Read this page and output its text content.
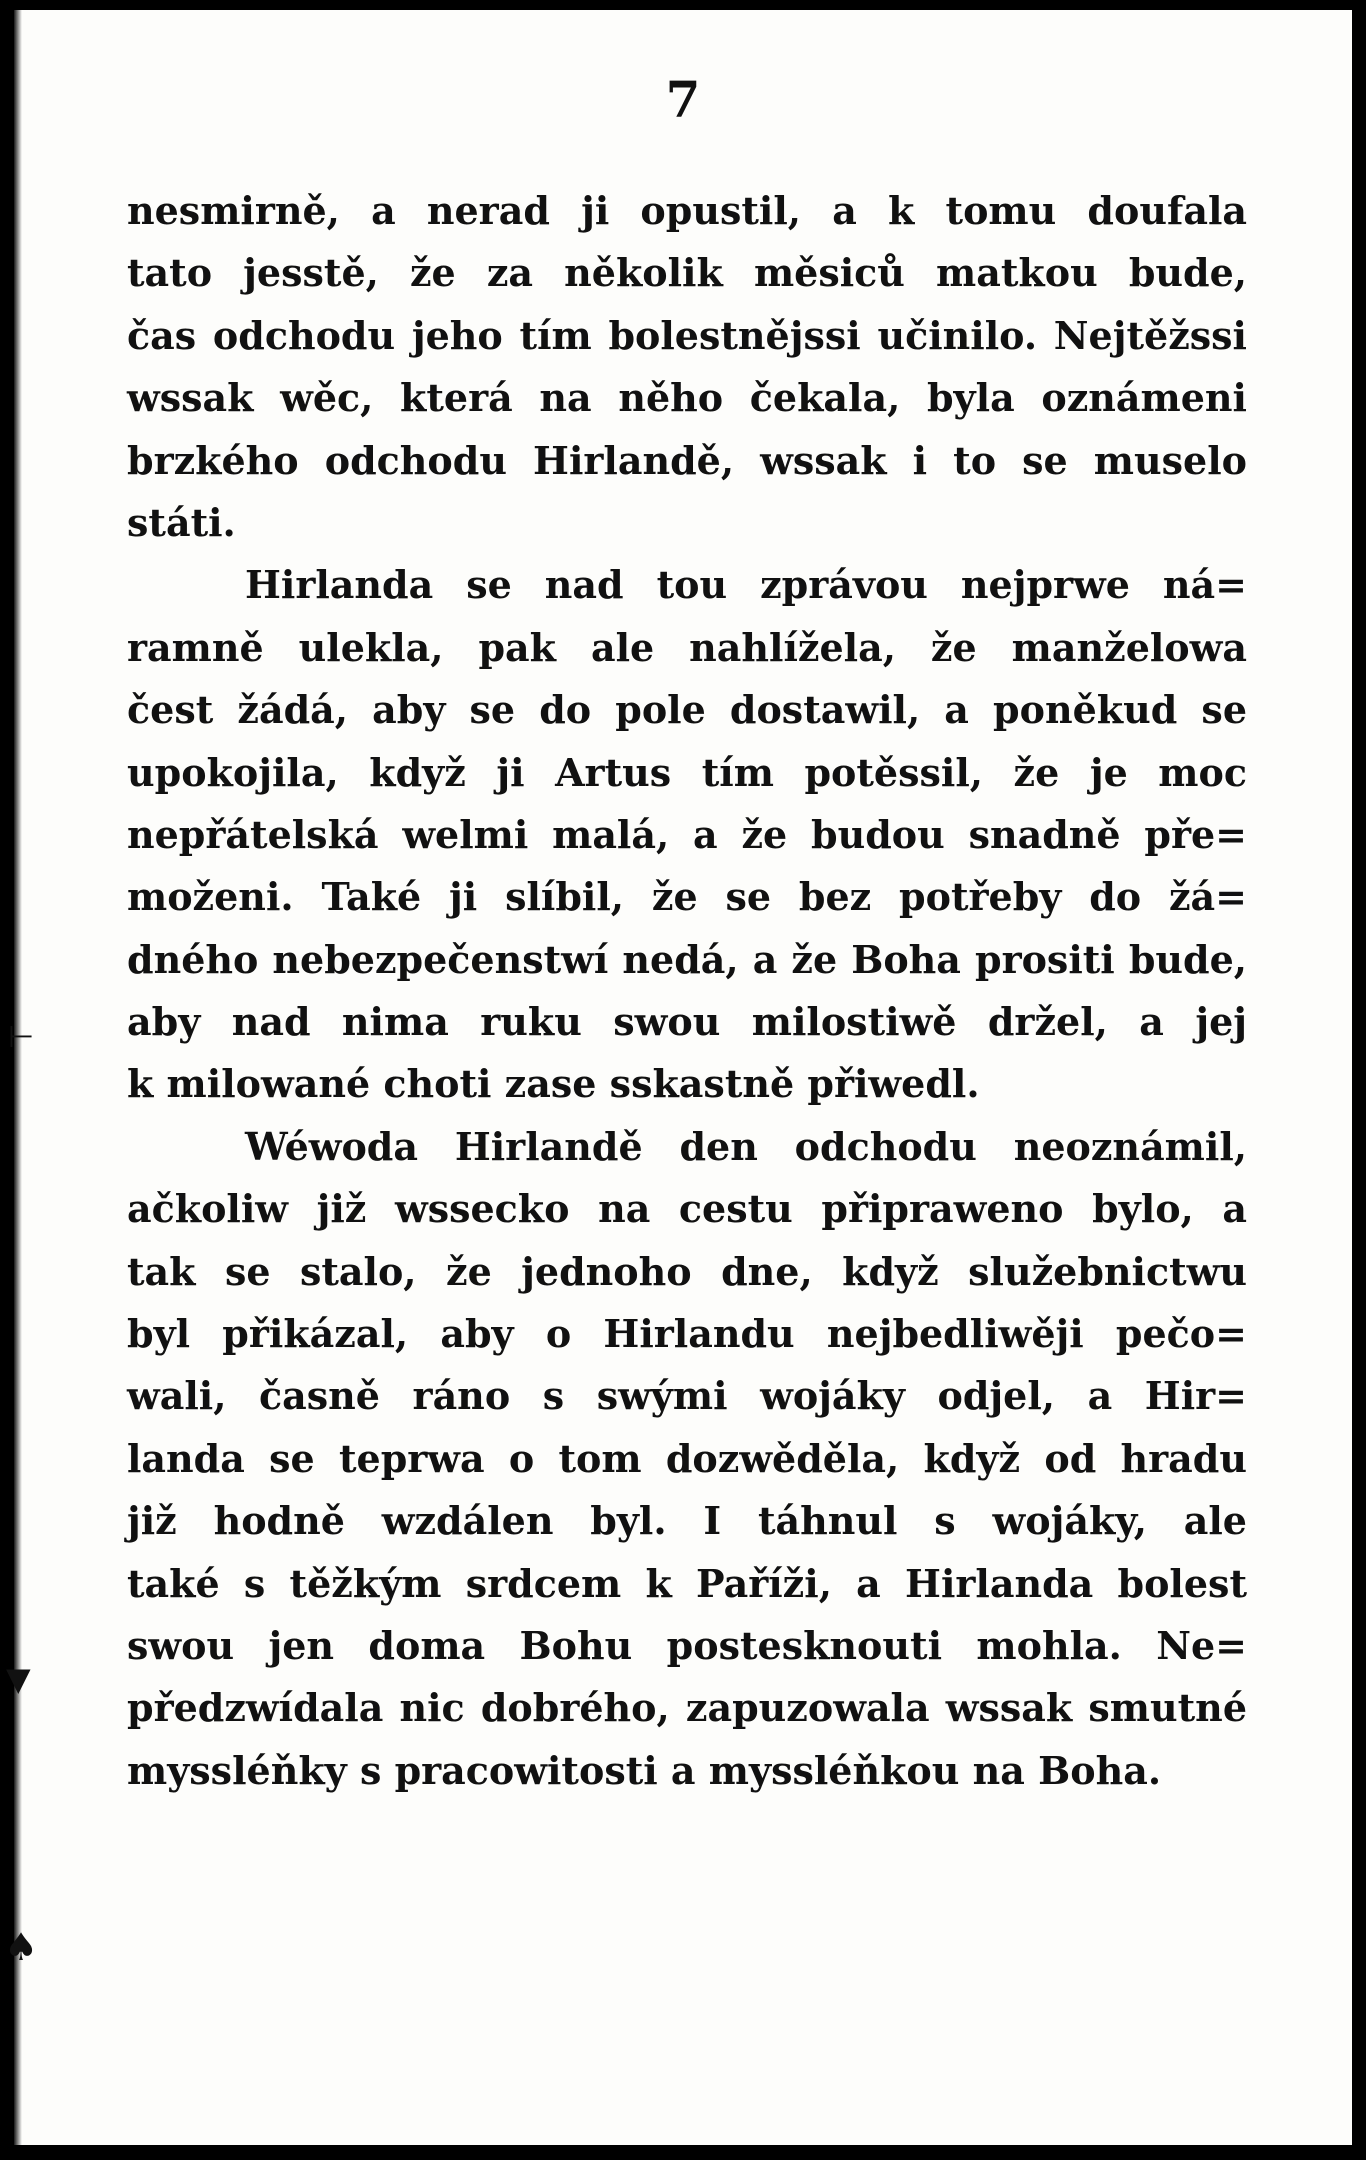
⊢
▼
♠
7
nesmirně, a nerad ji opustil, a k tomu doufala
tato jesstě, že za několik měsiců matkou bude,
čas odchodu jeho tím bolestnějssi učinilo. Nejtěžssi
wssak wěc, která na něho čekala, byla oznámeni
brzkého odchodu Hirlandě, wssak i to se muselo
státi.
Hirlanda se nad tou zprávou nejprwe ná=
ramně ulekla, pak ale nahlížela, že manželowa
čest žádá, aby se do pole dostawil, a poněkud se
upokojila, když ji Artus tím potěssil, že je moc
nepřátelská welmi malá, a že budou snadně pře=
moženi. Také ji slíbil, že se bez potřeby do žá=
dného nebezpečenstwí nedá, a že Boha prositi bude,
aby nad nima ruku swou milostiwě držel, a jej
k milowané choti zase sskastně přiwedl.
Wéwoda Hirlandě den odchodu neoznámil,
ačkoliw již wssecko na cestu připraweno bylo, a
tak se stalo, že jednoho dne, když služebnictwu
byl přikázal, aby o Hirlandu nejbedliwěji pečo=
wali, časně ráno s swými wojáky odjel, a Hir=
landa se teprwa o tom dozwěděla, když od hradu
již hodně wzdálen byl. I táhnul s wojáky, ale
také s těžkým srdcem k Paříži, a Hirlanda bolest
swou jen doma Bohu postesknouti mohla. Ne=
předzwídala nic dobrého, zapuzowala wssak smutné
myssléňky s pracowitosti a myssléňkou na Boha.
